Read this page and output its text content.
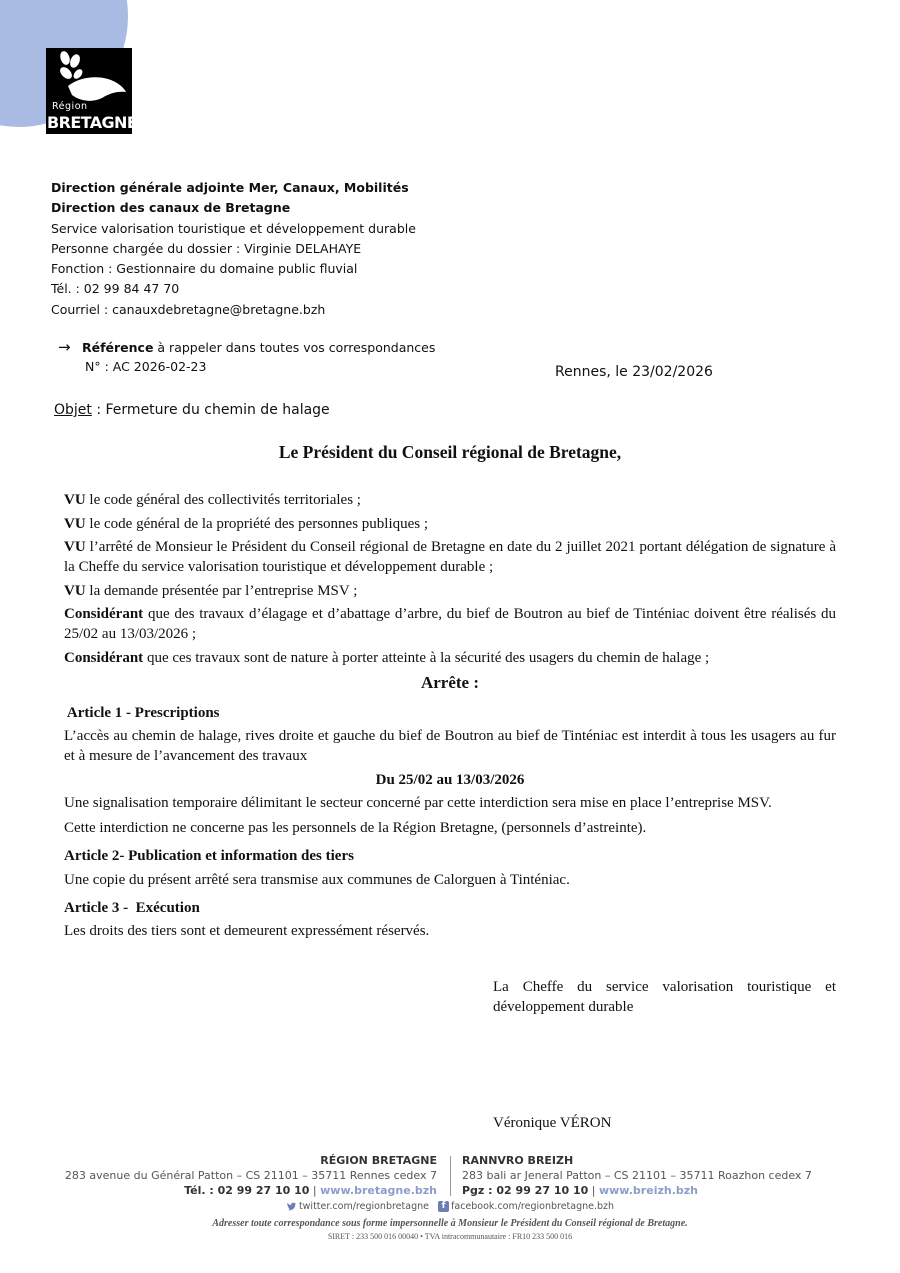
Région
BRETAGNE
Direction générale adjointe Mer, Canaux, Mobilités
Direction des canaux de Bretagne
Service valorisation touristique et développement durable
Personne chargée du dossier : Virginie DELAHAYE
Fonction : Gestionnaire du domaine public fluvial
Tél. : 02 99 84 47 70
Courriel : canauxdebretagne@bretagne.bzh
→ Référence à rappeler dans toutes vos correspondances
N° : AC 2026-02-23	Rennes, le 23/02/2026
Objet : Fermeture du chemin de halage
Le Président du Conseil régional de Bretagne,

VU le code général des collectivités territoriales ;

VU le code général de la propriété des personnes publiques ;

VU l’arrêté de Monsieur le Président du Conseil régional de Bretagne en date du 2 juillet 2021 portant délégation de signature à la Cheffe du service valorisation touristique et développement durable ;

VU la demande présentée par l’entreprise MSV ;

Considérant que des travaux d’élagage et d’abattage d’arbre, du bief de Boutron au bief de Tinténiac doivent être réalisés du 25/02 au 13/03/2026 ;

Considérant que ces travaux sont de nature à porter atteinte à la sécurité des usagers du chemin de halage ;

Arrête :

Article 1 - Prescriptions

L’accès au chemin de halage, rives droite et gauche du bief de Boutron au bief de Tinténiac est interdit à tous les usagers au fur et à mesure de l’avancement des travaux

Du 25/02 au 13/03/2026

Une signalisation temporaire délimitant le secteur concerné par cette interdiction sera mise en place l’entreprise MSV.

Cette interdiction ne concerne pas les personnels de la Région Bretagne, (personnels d’astreinte).

Article 2- Publication et information des tiers

Une copie du présent arrêté sera transmise aux communes de Calorguen à Tinténiac.

Article 3 -  Exécution

Les droits des tiers sont et demeurent expressément réservés.

La Cheffe du service valorisation touristique et développement durable
Véronique VÉRON
RÉGION BRETAGNE
283 avenue du Général Patton – CS 21101 – 35711 Rennes cedex 7
Tél. : 02 99 27 10 10 | www.bretagne.bzh
RANNVRO BREIZH
283 bali ar Jeneral Patton – CS 21101 – 35711 Roazhon cedex 7
Pgz : 02 99 27 10 10 | www.breizh.bzh
twitter.com/regionbretagne f facebook.com/regionbretagne.bzh
Adresser toute correspondance sous forme impersonnelle à Monsieur le Président du Conseil régional de Bretagne.
SIRET : 233 500 016 00040 • TVA intracommunautaire : FR10 233 500 016
